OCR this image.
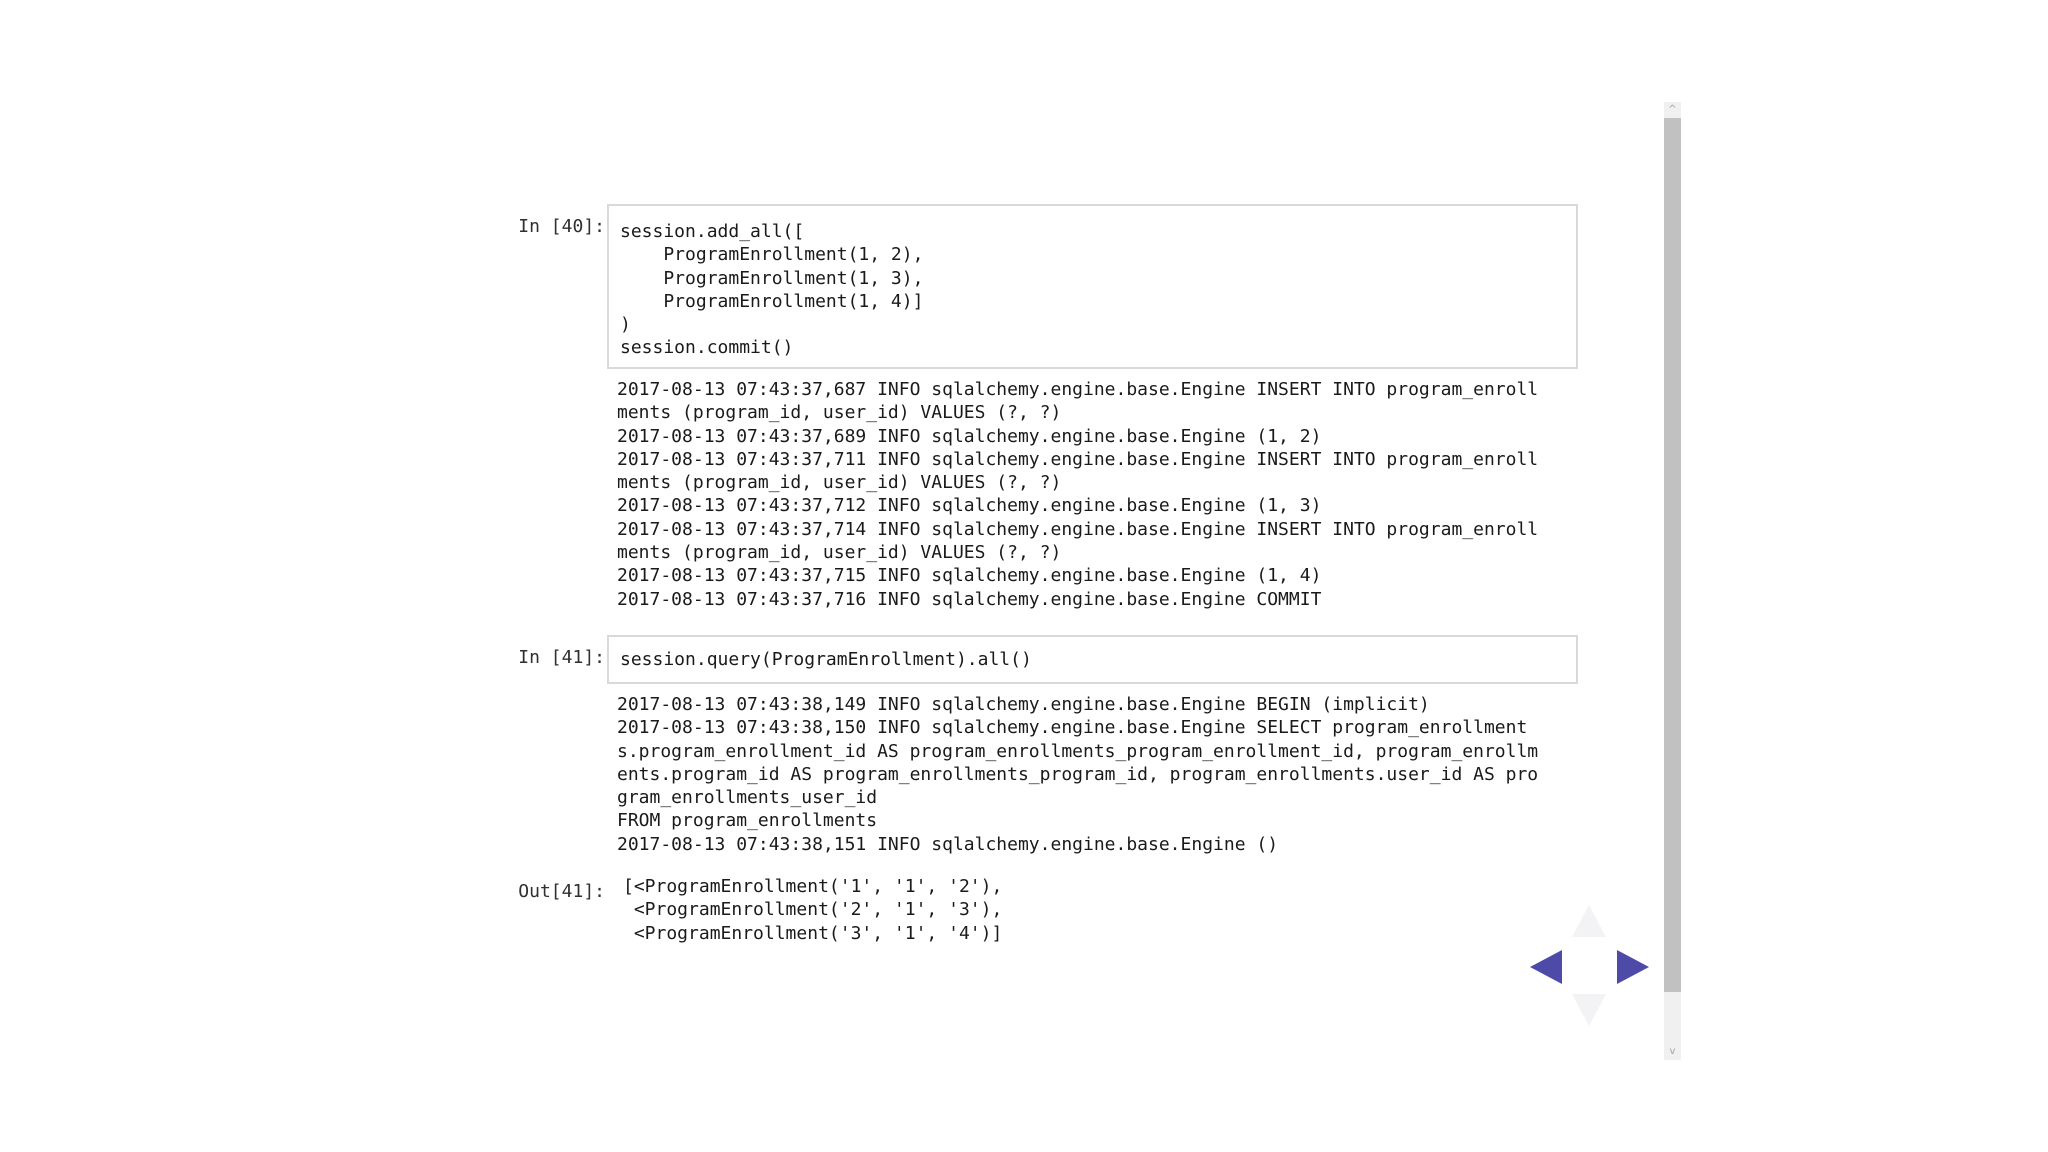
In [40]: session.add_all([
ProgramEnrollment(1, 2),
ProgramEnrollment(1, 3),
ProgramEnrollment(1, 4)]
)
session.commit()
2017-08-13 07:43:37,687 INFO sqlalchemy.engine.base.Engine INSERT INTO program_enroll
ments (program_id, user_id) VALUES (?, ?)
2017-08-13 07:43:37,689 INFO sqlalchemy.engine.base.Engine (1, 2)
2017-08-13 07:43:37,711 INFO sqlalchemy.engine.base.Engine INSERT INTO program_enroll
ments (program_id, user_id) VALUES (?, ?)
2017-08-13 07:43:37,712 INFO sqlalchemy.engine.base.Engine (1, 3)
2017-08-13 07:43:37,714 INFO sqlalchemy.engine.base.Engine INSERT INTO program_enroll
ments (program_id, user_id) VALUES (?, ?)
2017-08-13 07:43:37,715 INFO sqlalchemy.engine.base.Engine (1, 4)
2017-08-13 07:43:37,716 INFO sqlalchemy.engine.base.Engine COMMIT
In [41]: session.query(ProgramEnrollment).all()
2017-08-13 07:43:38,149 INFO sqlalchemy.engine.base.Engine BEGIN (implicit)
2017-08-13 07:43:38,150 INFO sqlalchemy.engine.base.Engine SELECT program_enrollment
s.program_enrollment_id AS program_enrollments_program_enrollment_id, program_enrollm
ents.program_id AS program_enrollments_program_id, program_enrollments.user_id AS pro
gram_enrollments_user_id
FROM program_enrollments
2017-08-13 07:43:38,151 INFO sqlalchemy.engine.base.Engine ()
Out[41]: [<ProgramEnrollment('1', '1', '2'),
<ProgramEnrollment('2', '1', '3'),
<ProgramEnrollment('3', '1', '4')]
^
v
